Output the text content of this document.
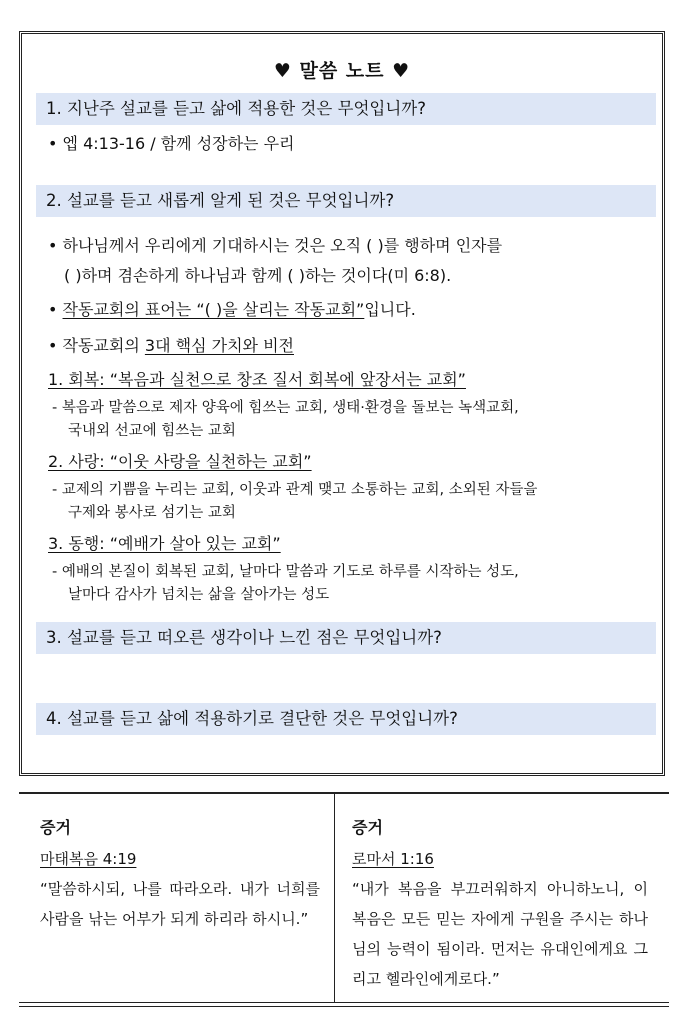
♥ 말씀 노트 ♥
1. 지난주 설교를 듣고 삶에 적용한 것은 무엇입니까?
• 엡 4:13-16 / 함께 성장하는 우리
2. 설교를 듣고 새롭게 알게 된 것은 무엇입니까?
• 하나님께서 우리에게 기대하시는 것은 오직 ( )를 행하며 인자를
( )하며 겸손하게 하나님과 함께 ( )하는 것이다(미 6:8).
• 작동교회의 표어는 “( )을 살리는 작동교회”입니다.
• 작동교회의 3대 핵심 가치와 비전
1. 회복: “복음과 실천으로 창조 질서 회복에 앞장서는 교회”
- 복음과 말씀으로 제자 양육에 힘쓰는 교회, 생태·환경을 돌보는 녹색교회,
국내외 선교에 힘쓰는 교회
2. 사랑: “이웃 사랑을 실천하는 교회”
- 교제의 기쁨을 누리는 교회, 이웃과 관계 맺고 소통하는 교회, 소외된 자들을
구제와 봉사로 섬기는 교회
3. 동행: “예배가 살아 있는 교회”
- 예배의 본질이 회복된 교회, 날마다 말씀과 기도로 하루를 시작하는 성도,
날마다 감사가 넘치는 삶을 살아가는 성도
3. 설교를 듣고 떠오른 생각이나 느낀 점은 무엇입니까?
4. 설교를 듣고 삶에 적용하기로 결단한 것은 무엇입니까?
증거
마태복음 4:19
“말씀하시되, 나를 따라오라. 내가 너희를 사람을 낚는 어부가 되게 하리라 하시니.”
증거
로마서 1:16
“내가 복음을 부끄러워하지 아니하노니, 이 복음은 모든 믿는 자에게 구원을 주시는 하나님의 능력이 됨이라. 먼저는 유대인에게요 그리고 헬라인에게로다.”
